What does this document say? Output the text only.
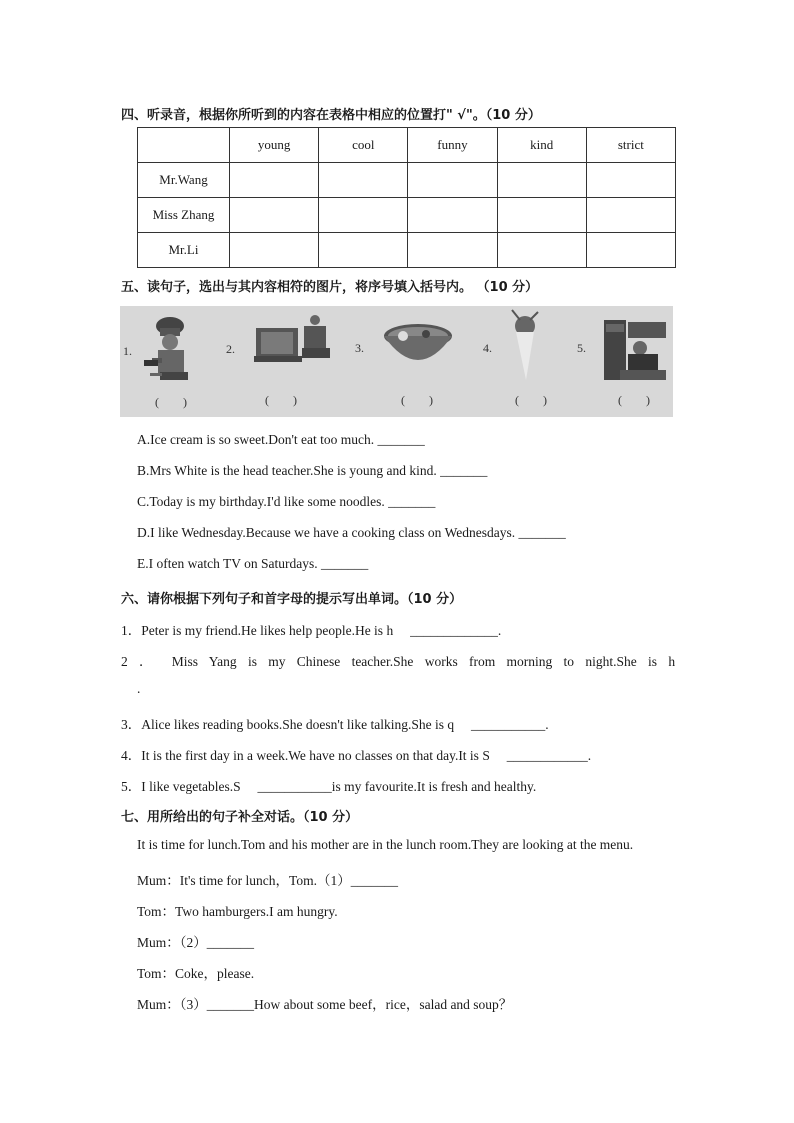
四、听录音，根据你所听到的内容在表格中相应的位置打" √"。（10 分）
	young	cool	funny	kind	strict
Mr.Wang					
Miss Zhang					
Mr.Li					
五、读句子，选出与其内容相符的图片，将序号填入括号内。 （10 分）
1.	2.	3.	4.	5.
(　　)	(　　)	(　　)	(　　)	(　　)
A.Ice cream is so sweet.Don't eat too much. _______
B.Mrs White is the head teacher.She is young and kind. _______
C.Today is my birthday.I'd like some noodles. _______
D.I like Wednesday.Because we have a cooking class on Wednesdays. _______
E.I often watch TV on Saturdays. _______
六、请你根据下列句子和首字母的提示写出单词。（10 分）
1．Peter is my friend.He likes help people.He is h　 _____________.
2 ． Miss Yang is my Chinese teacher.She works from morning to night.She is h
.
3．Alice likes reading books.She doesn't like talking.She is q　 ___________.
4．It is the first day in a week.We have no classes on that day.It is S　 ____________.
5．I like vegetables.S　 ___________is my favourite.It is fresh and healthy.
七、用所给出的句子补全对话。（10 分）
It is time for lunch.Tom and his mother are in the lunch room.They are looking at the menu.
Mum：It's time for lunch，Tom.（1）_______
Tom：Two hamburgers.I am hungry.
Mum：（2）_______
Tom：Coke，please.
Mum：（3）_______How about some beef，rice，salad and soup？
